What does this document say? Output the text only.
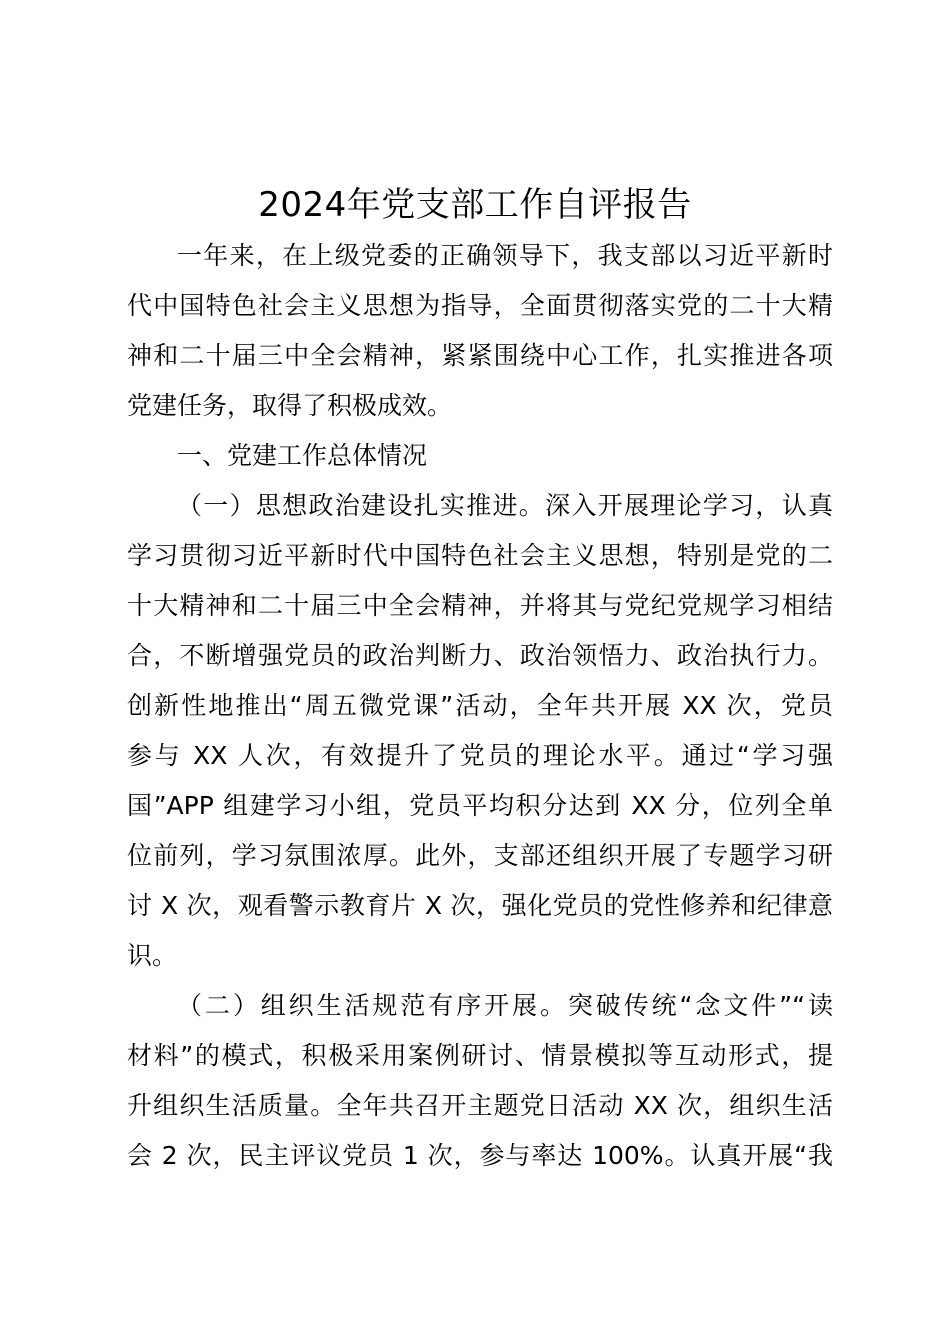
2024年党支部工作自评报告
一年来，在上级党委的正确领导下，我支部以习近平新时
代中国特色社会主义思想为指导，全面贯彻落实党的二十大精
神和二十届三中全会精神，紧紧围绕中心工作，扎实推进各项
党建任务，取得了积极成效。
一、党建工作总体情况
（一）思想政治建设扎实推进。深入开展理论学习，认真
学习贯彻习近平新时代中国特色社会主义思想，特别是党的二
十大精神和二十届三中全会精神，并将其与党纪党规学习相结
合，不断增强党员的政治判断力、政治领悟力、政治执行力。
创新性地推出“周五微党课”活动，全年共开展 XX 次，党员
参与 XX 人次，有效提升了党员的理论水平。通过“学习强
国”APP 组建学习小组，党员平均积分达到 XX 分，位列全单
位前列，学习氛围浓厚。此外，支部还组织开展了专题学习研
讨 X 次，观看警示教育片 X 次，强化党员的党性修养和纪律意
识。
（二）组织生活规范有序开展。突破传统“念文件”“读
材料”的模式，积极采用案例研讨、情景模拟等互动形式，提
升组织生活质量。全年共召开主题党日活动 XX 次，组织生活
会 2 次，民主评议党员 1 次，参与率达 100%。认真开展“我
